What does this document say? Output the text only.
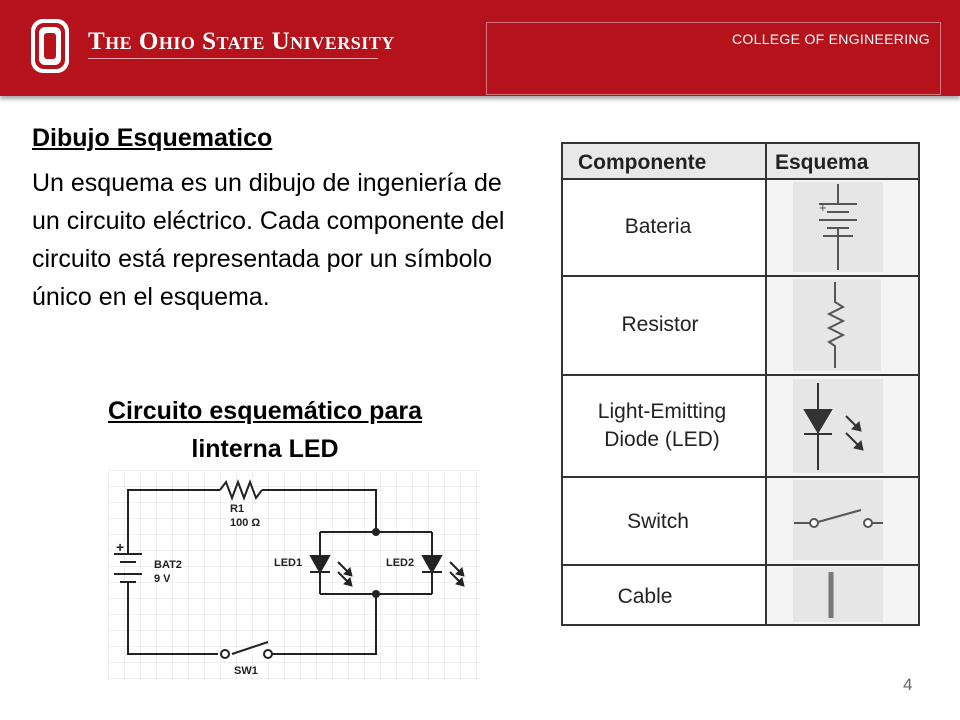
The Ohio State University	COLLEGE OF ENGINEERING
Dibujo Esquematico
Un esquema es un dibujo de ingeniería de un circuito eléctrico. Cada componente del circuito está representada por un símbolo único en el esquema.
Circuito esquemático para
linterna LED
R1
100 Ω
BAT2
9 V
LED1	LED2
SW1
+
Componente	Esquema
Bateria
Resistor
Light-Emitting
Diode (LED)
Switch
Cable
+
4
